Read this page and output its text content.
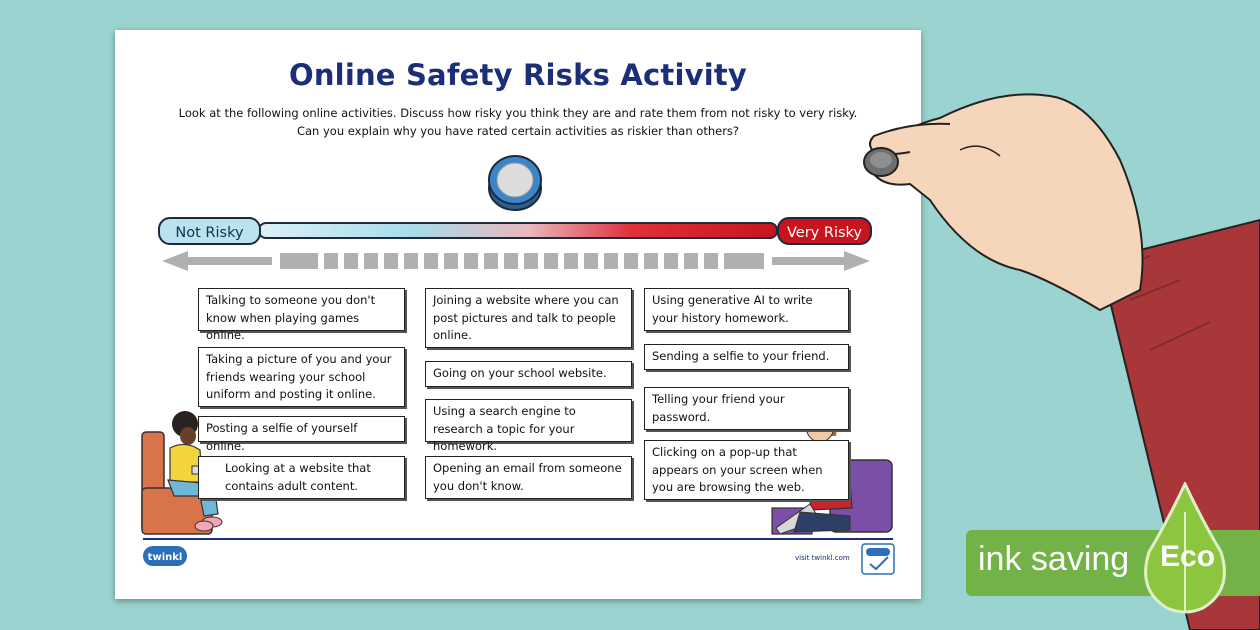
Online Safety Risks Activity
Look at the following online activities. Discuss how risky you think they are and rate them from not risky to very risky.
Can you explain why you have rated certain activities as riskier than others?
Not Risky	Very Risky
Talking to someone you don't know when playing games online.
Taking a picture of you and your friends wearing your school uniform and posting it online.
Posting a selfie of yourself online.
Looking at a website that contains adult content.
Joining a website where you can post pictures and talk to people online.
Going on your school website.
Using a search engine to research a topic for your homework.
Opening an email from someone you don't know.
Using generative AI to write your history homework.
Sending a selfie to your friend.
Telling your friend your password.
Clicking on a pop-up that appears on your screen when you are browsing the web.
twinkl	visit twinkl.com	ink saving Eco
